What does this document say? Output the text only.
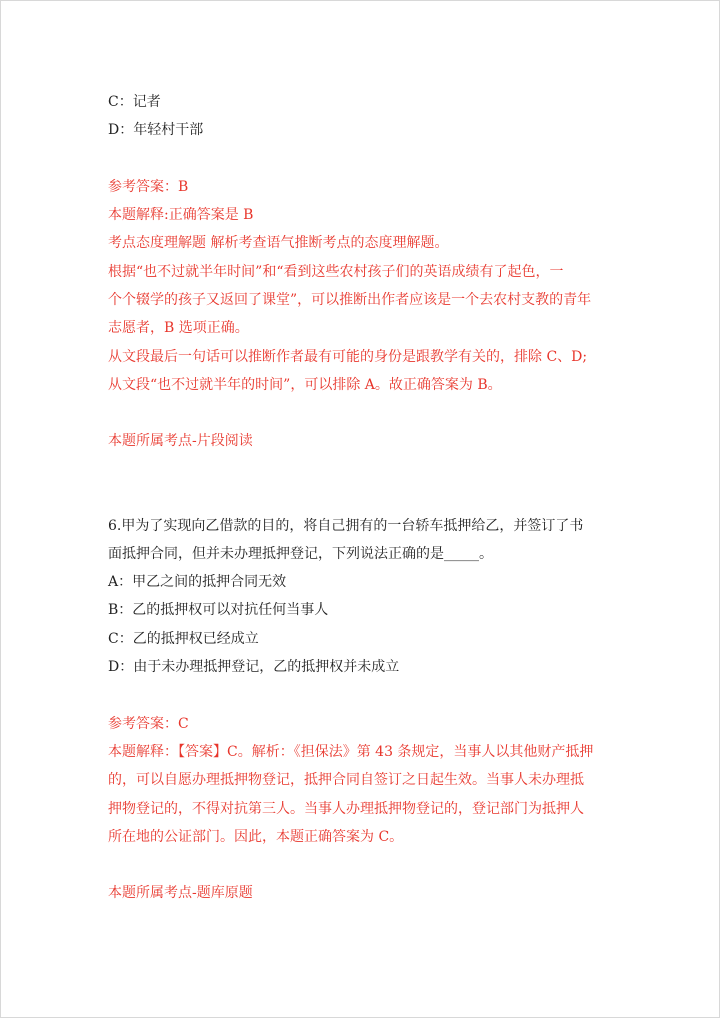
C：记者
D：年轻村干部
参考答案：B
本题解释:正确答案是 B
考点态度理解题 解析考查语气推断考点的态度理解题。
根据“也不过就半年时间”和“看到这些农村孩子们的英语成绩有了起色，一
个个辍学的孩子又返回了课堂”，可以推断出作者应该是一个去农村支教的青年
志愿者，B 选项正确。
从文段最后一句话可以推断作者最有可能的身份是跟教学有关的，排除 C、D;
从文段“也不过就半年的时间”，可以排除 A。故正确答案为 B。
本题所属考点-片段阅读
6.甲为了实现向乙借款的目的，将自己拥有的一台轿车抵押给乙，并签订了书
面抵押合同，但并未办理抵押登记，下列说法正确的是_____。
A：甲乙之间的抵押合同无效
B：乙的抵押权可以对抗任何当事人
C：乙的抵押权已经成立
D：由于未办理抵押登记，乙的抵押权并未成立
参考答案：C
本题解释：【答案】C。解析：《担保法》第 43 条规定，当事人以其他财产抵押
的，可以自愿办理抵押物登记，抵押合同自签订之日起生效。当事人未办理抵
押物登记的，不得对抗第三人。当事人办理抵押物登记的，登记部门为抵押人
所在地的公证部门。因此，本题正确答案为 C。
本题所属考点-题库原题
